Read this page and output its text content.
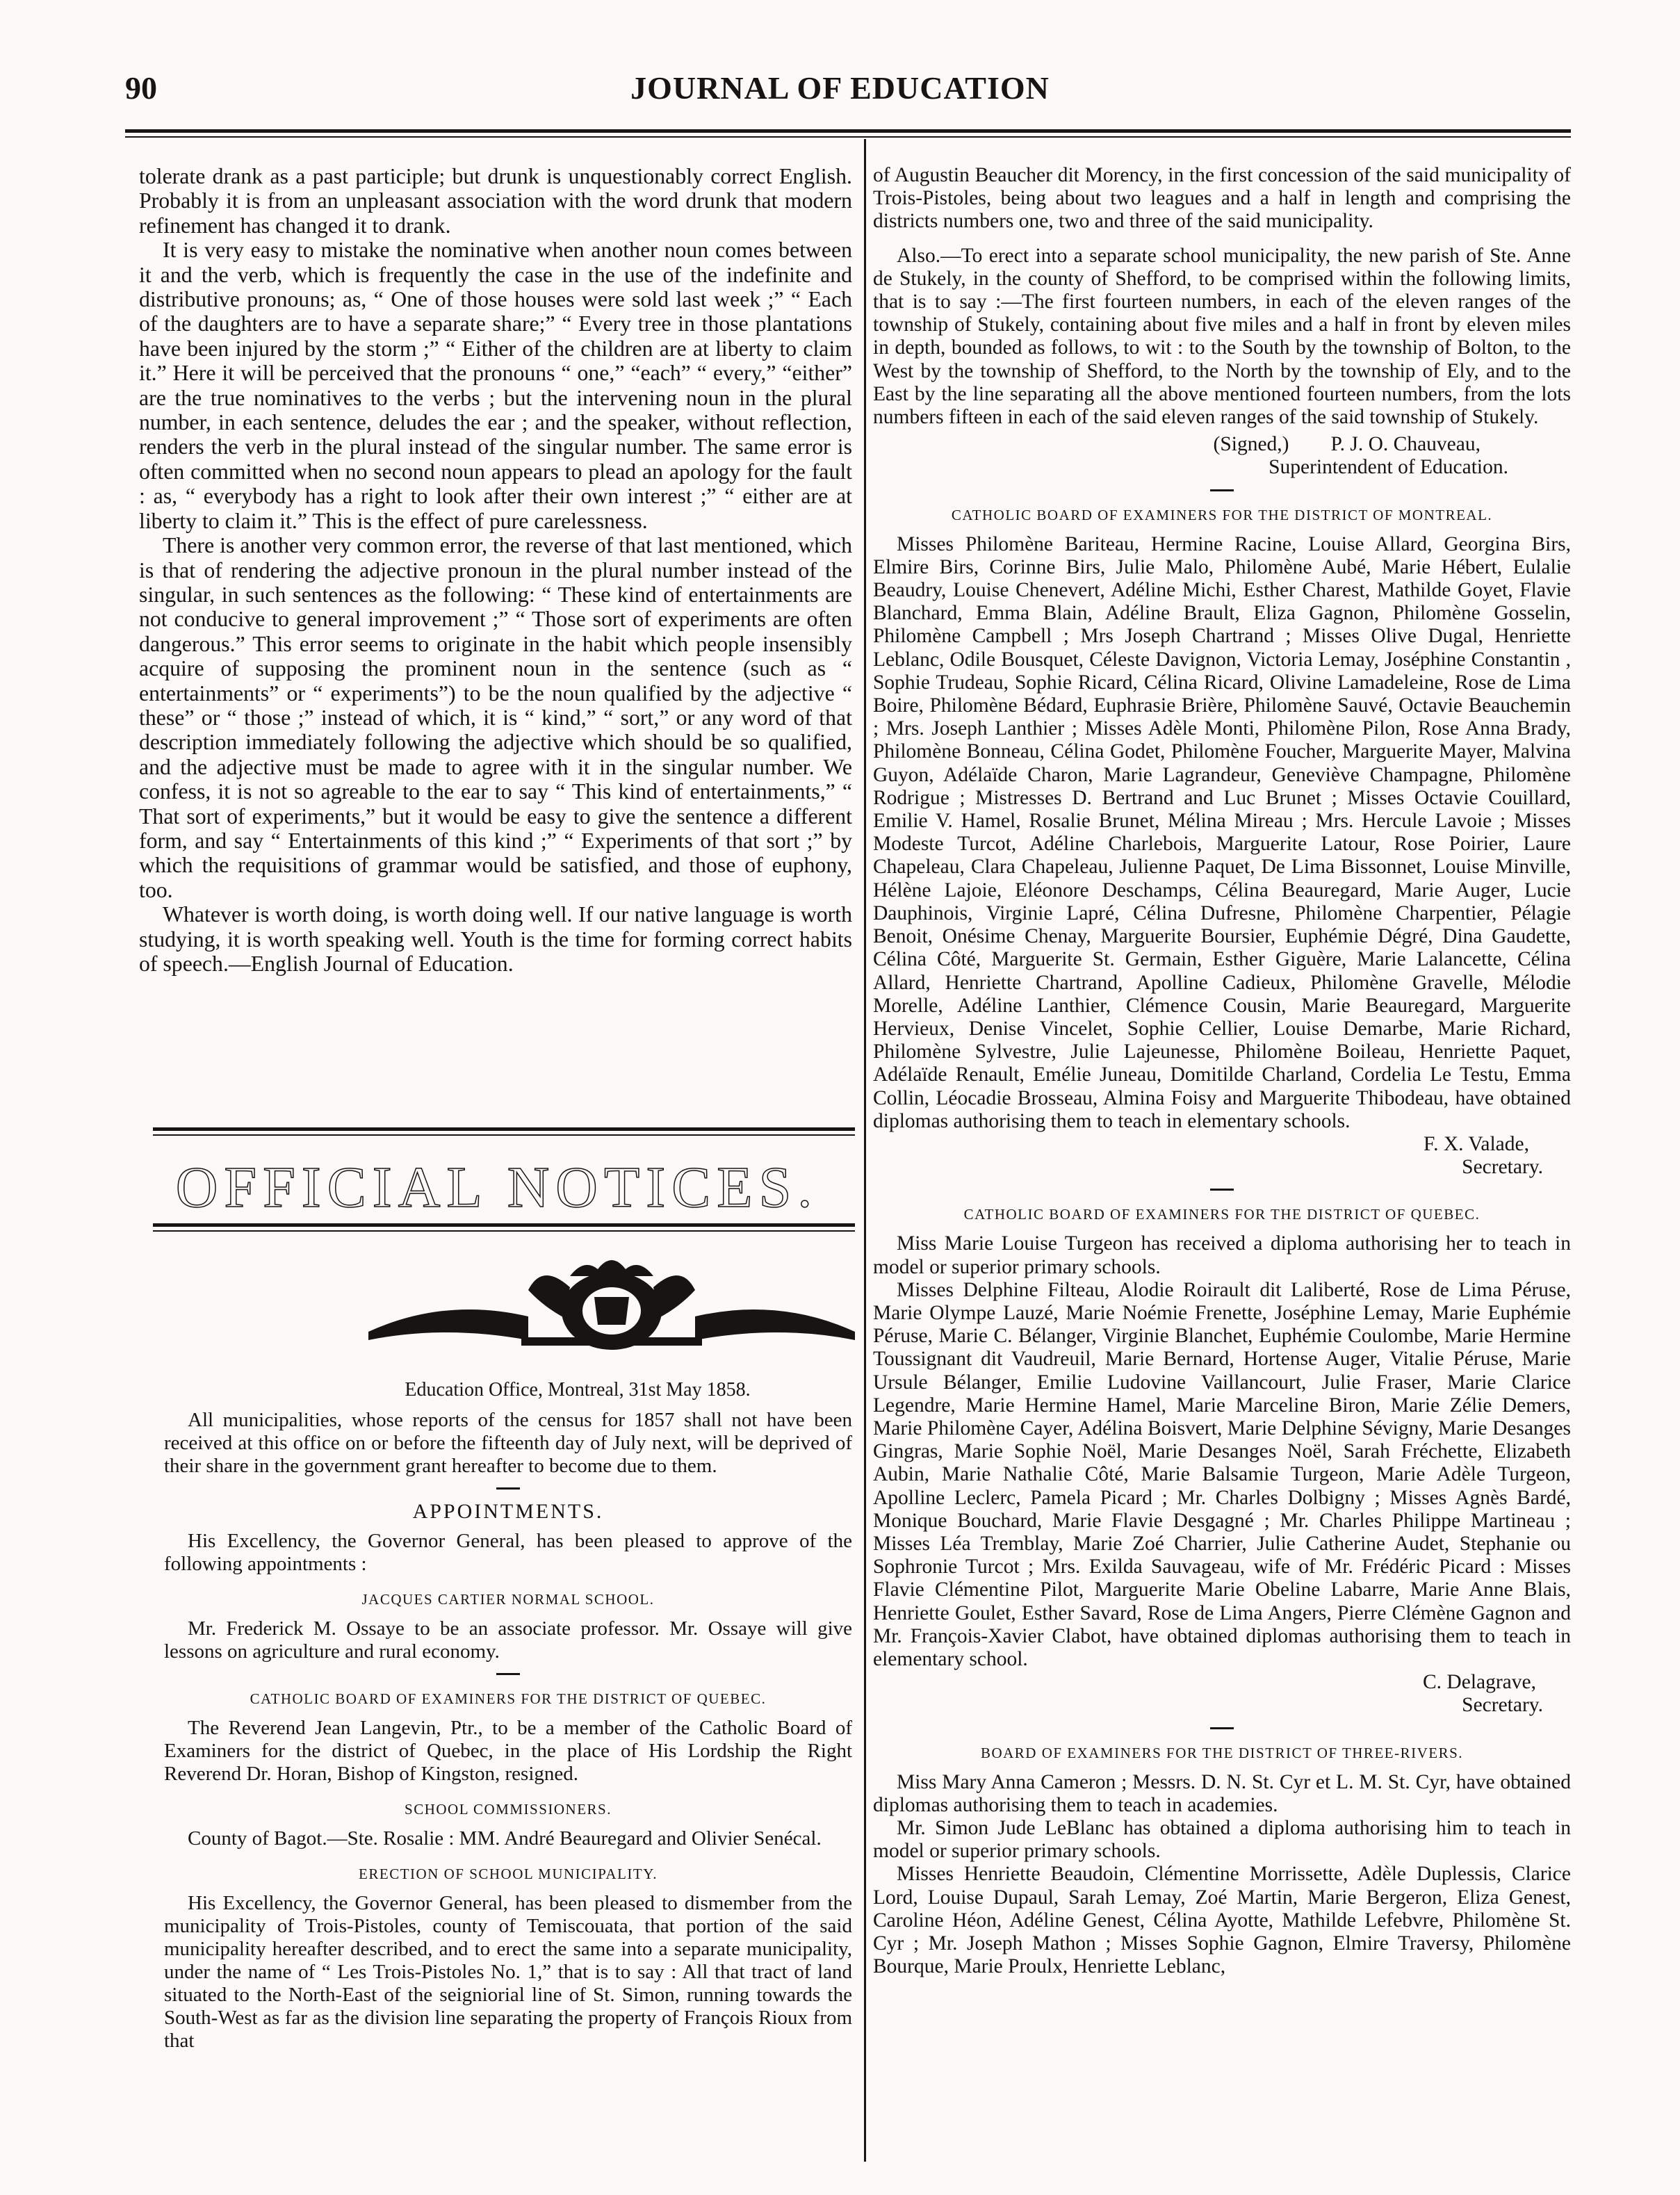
90	JOURNAL OF EDUCATION

tolerate drank as a past participle; but drunk is unquestionably correct English. Probably it is from an unpleasant association with the word drunk that modern refinement has changed it to drank.

It is very easy to mistake the nominative when another noun comes between it and the verb, which is frequently the case in the use of the indefinite and distributive pronouns; as, “ One of those houses were sold last week ;” “ Each of the daughters are to have a separate share;” “ Every tree in those plantations have been injured by the storm ;” “ Either of the children are at liberty to claim it.” Here it will be perceived that the pronouns “ one,” “each” “ every,” “either” are the true nominatives to the verbs ; but the intervening noun in the plural number, in each sentence, deludes the ear ; and the speaker, without reflection, renders the verb in the plural instead of the singular number. The same error is often committed when no second noun appears to plead an apology for the fault : as, “ everybody has a right to look after their own interest ;” “ either are at liberty to claim it.” This is the effect of pure carelessness.

There is another very common error, the reverse of that last mentioned, which is that of rendering the adjective pronoun in the plural number instead of the singular, in such sentences as the following: “ These kind of entertainments are not conducive to general improvement ;” “ Those sort of experiments are often dangerous.” This error seems to originate in the habit which people insensibly acquire of supposing the prominent noun in the sentence (such as “ entertainments” or “ experiments”) to be the noun qualified by the adjective “ these” or “ those ;” instead of which, it is “ kind,” “ sort,” or any word of that description immediately following the adjective which should be so qualified, and the adjective must be made to agree with it in the singular number. We confess, it is not so agreable to the ear to say “ This kind of entertainments,” “ That sort of experiments,” but it would be easy to give the sentence a different form, and say “ Entertainments of this kind ;” “ Experiments of that sort ;” by which the requisitions of grammar would be satisfied, and those of euphony, too.

Whatever is worth doing, is worth doing well. If our native language is worth studying, it is worth speaking well. Youth is the time for forming correct habits of speech.—English Journal of Education.

OFFICIAL NOTICES.
Education Office, Montreal, 31st May 1858.

All municipalities, whose reports of the census for 1857 shall not have been received at this office on or before the fifteenth day of July next, will be deprived of their share in the government grant hereafter to become due to them.

APPOINTMENTS.

His Excellency, the Governor General, has been pleased to approve of the following appointments :

JACQUES CARTIER NORMAL SCHOOL.

Mr. Frederick M. Ossaye to be an associate professor. Mr. Ossaye will give lessons on agriculture and rural economy.

CATHOLIC BOARD OF EXAMINERS FOR THE DISTRICT OF QUEBEC.

The Reverend Jean Langevin, Ptr., to be a member of the Catholic Board of Examiners for the district of Quebec, in the place of His Lordship the Right Reverend Dr. Horan, Bishop of Kingston, resigned.

SCHOOL COMMISSIONERS.

County of Bagot.—Ste. Rosalie : MM. André Beauregard and Olivier Senécal.

ERECTION OF SCHOOL MUNICIPALITY.

His Excellency, the Governor General, has been pleased to dismember from the municipality of Trois-Pistoles, county of Temiscouata, that portion of the said municipality hereafter described, and to erect the same into a separate municipality, under the name of “ Les Trois-Pistoles No. 1,” that is to say : All that tract of land situated to the North-East of the seigniorial line of St. Simon, running towards the South-West as far as the division line separating the property of François Rioux from that

of Augustin Beaucher dit Morency, in the first concession of the said municipality of Trois-Pistoles, being about two leagues and a half in length and comprising the districts numbers one, two and three of the said municipality.

Also.—To erect into a separate school municipality, the new parish of Ste. Anne de Stukely, in the county of Shefford, to be comprised within the following limits, that is to say :—The first fourteen numbers, in each of the eleven ranges of the township of Stukely, containing about five miles and a half in front by eleven miles in depth, bounded as follows, to wit : to the South by the township of Bolton, to the West by the township of Shefford, to the North by the township of Ely, and to the East by the line separating all the above mentioned fourteen numbers, from the lots numbers fifteen in each of the said eleven ranges of the said township of Stukely.

(Signed,) P. J. O. Chauveau,
Superintendent of Education.
CATHOLIC BOARD OF EXAMINERS FOR THE DISTRICT OF MONTREAL.

Misses Philomène Bariteau, Hermine Racine, Louise Allard, Georgina Birs, Elmire Birs, Corinne Birs, Julie Malo, Philomène Aubé, Marie Hébert, Eulalie Beaudry, Louise Chenevert, Adéline Michi, Esther Charest, Mathilde Goyet, Flavie Blanchard, Emma Blain, Adéline Brault, Eliza Gagnon, Philomène Gosselin, Philomène Campbell ; Mrs Joseph Chartrand ; Misses Olive Dugal, Henriette Leblanc, Odile Bousquet, Céleste Davignon, Victoria Lemay, Joséphine Constantin , Sophie Trudeau, Sophie Ricard, Célina Ricard, Olivine Lamadeleine, Rose de Lima Boire, Philomène Bédard, Euphrasie Brière, Philomène Sauvé, Octavie Beauchemin ; Mrs. Joseph Lanthier ; Misses Adèle Monti, Philomène Pilon, Rose Anna Brady, Philomène Bonneau, Célina Godet, Philomène Foucher, Marguerite Mayer, Malvina Guyon, Adélaïde Charon, Marie Lagrandeur, Geneviève Champagne, Philomène Rodrigue ; Mistresses D. Bertrand and Luc Brunet ; Misses Octavie Couillard, Emilie V. Hamel, Rosalie Brunet, Mélina Mireau ; Mrs. Hercule Lavoie ; Misses Modeste Turcot, Adéline Charlebois, Marguerite Latour, Rose Poirier, Laure Chapeleau, Clara Chapeleau, Julienne Paquet, De Lima Bissonnet, Louise Minville, Hélène Lajoie, Eléonore Deschamps, Célina Beauregard, Marie Auger, Lucie Dauphinois, Virginie Lapré, Célina Dufresne, Philomène Charpentier, Pélagie Benoit, Onésime Chenay, Marguerite Boursier, Euphémie Dégré, Dina Gaudette, Célina Côté, Marguerite St. Germain, Esther Giguère, Marie Lalancette, Célina Allard, Henriette Chartrand, Apolline Cadieux, Philomène Gravelle, Mélodie Morelle, Adéline Lanthier, Clémence Cousin, Marie Beauregard, Marguerite Hervieux, Denise Vincelet, Sophie Cellier, Louise Demarbe, Marie Richard, Philomène Sylvestre, Julie Lajeunesse, Philomène Boileau, Henriette Paquet, Adélaïde Renault, Emélie Juneau, Domitilde Charland, Cordelia Le Testu, Emma Collin, Léocadie Brosseau, Almina Foisy and Marguerite Thibodeau, have obtained diplomas authorising them to teach in elementary schools.

F. X. Valade,
Secretary.
CATHOLIC BOARD OF EXAMINERS FOR THE DISTRICT OF QUEBEC.

Miss Marie Louise Turgeon has received a diploma authorising her to teach in model or superior primary schools.

Misses Delphine Filteau, Alodie Roirault dit Laliberté, Rose de Lima Péruse, Marie Olympe Lauzé, Marie Noémie Frenette, Joséphine Lemay, Marie Euphémie Péruse, Marie C. Bélanger, Virginie Blanchet, Euphémie Coulombe, Marie Hermine Toussignant dit Vaudreuil, Marie Bernard, Hortense Auger, Vitalie Péruse, Marie Ursule Bélanger, Emilie Ludovine Vaillancourt, Julie Fraser, Marie Clarice Legendre, Marie Hermine Hamel, Marie Marceline Biron, Marie Zélie Demers, Marie Philomène Cayer, Adélina Boisvert, Marie Delphine Sévigny, Marie Desanges Gingras, Marie Sophie Noël, Marie Desanges Noël, Sarah Fréchette, Elizabeth Aubin, Marie Nathalie Côté, Marie Balsamie Turgeon, Marie Adèle Turgeon, Apolline Leclerc, Pamela Picard ; Mr. Charles Dolbigny ; Misses Agnès Bardé, Monique Bouchard, Marie Flavie Desgagné ; Mr. Charles Philippe Martineau ; Misses Léa Tremblay, Marie Zoé Charrier, Julie Catherine Audet, Stephanie ou Sophronie Turcot ; Mrs. Exilda Sauvageau, wife of Mr. Frédéric Picard : Misses Flavie Clémentine Pilot, Marguerite Marie Obeline Labarre, Marie Anne Blais, Henriette Goulet, Esther Savard, Rose de Lima Angers, Pierre Clémène Gagnon and Mr. François-Xavier Clabot, have obtained diplomas authorising them to teach in elementary school.

C. Delagrave,
Secretary.
BOARD OF EXAMINERS FOR THE DISTRICT OF THREE-RIVERS.

Miss Mary Anna Cameron ; Messrs. D. N. St. Cyr et L. M. St. Cyr, have obtained diplomas authorising them to teach in academies.

Mr. Simon Jude LeBlanc has obtained a diploma authorising him to teach in model or superior primary schools.

Misses Henriette Beaudoin, Clémentine Morrissette, Adèle Duplessis, Clarice Lord, Louise Dupaul, Sarah Lemay, Zoé Martin, Marie Bergeron, Eliza Genest, Caroline Héon, Adéline Genest, Célina Ayotte, Mathilde Lefebvre, Philomène St. Cyr ; Mr. Joseph Mathon ; Misses Sophie Gagnon, Elmire Traversy, Philomène Bourque, Marie Proulx, Henriette Leblanc,
